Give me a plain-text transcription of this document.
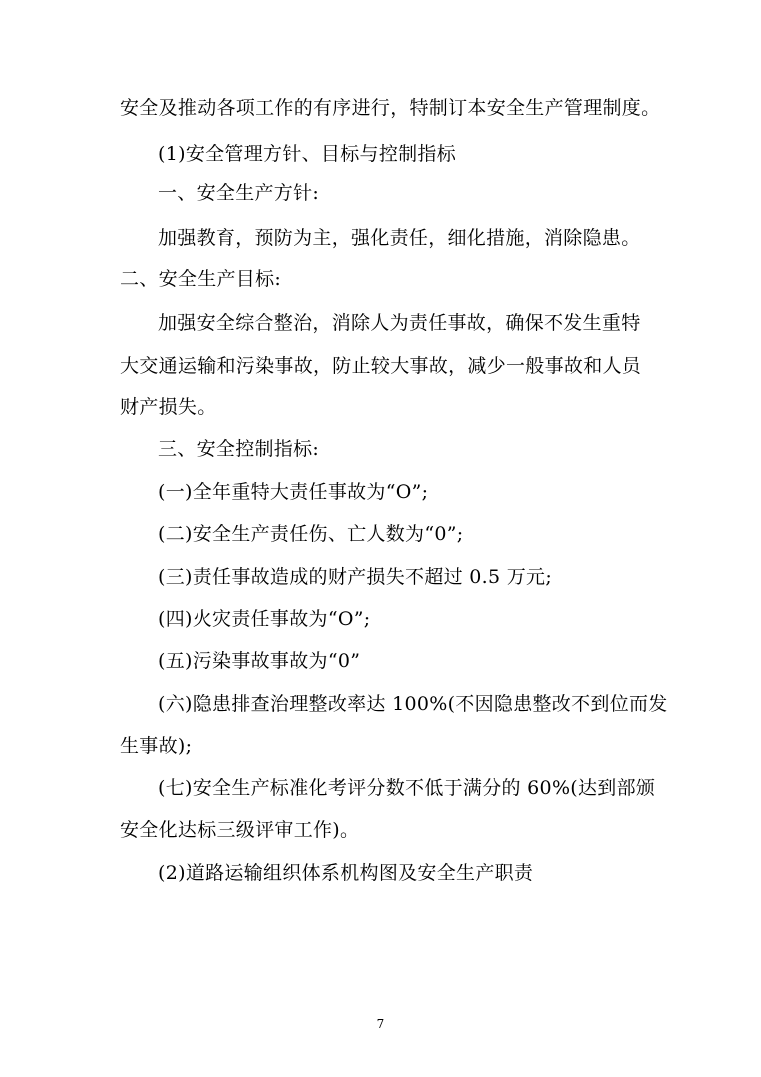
安全及推动各项工作的有序进行，特制订本安全生产管理制度。
(1)安全管理方针、目标与控制指标
一、安全生产方针:
加强教育，预防为主，强化责任，细化措施，消除隐患。
二、安全生产目标:
加强安全综合整治，消除人为责任事故，确保不发生重特
大交通运输和污染事故，防止较大事故，减少一般事故和人员
财产损失。
三、安全控制指标:
(一)全年重特大责任事故为“O”;
(二)安全生产责任伤、亡人数为“0”;
(三)责任事故造成的财产损失不超过 0.5 万元;
(四)火灾责任事故为“O”;
(五)污染事故事故为“0”
(六)隐患排查治理整改率达 100%(不因隐患整改不到位而发
生事故);
(七)安全生产标准化考评分数不低于满分的 60%(达到部颁
安全化达标三级评审工作)。
(2)道路运输组织体系机构图及安全生产职责
7
